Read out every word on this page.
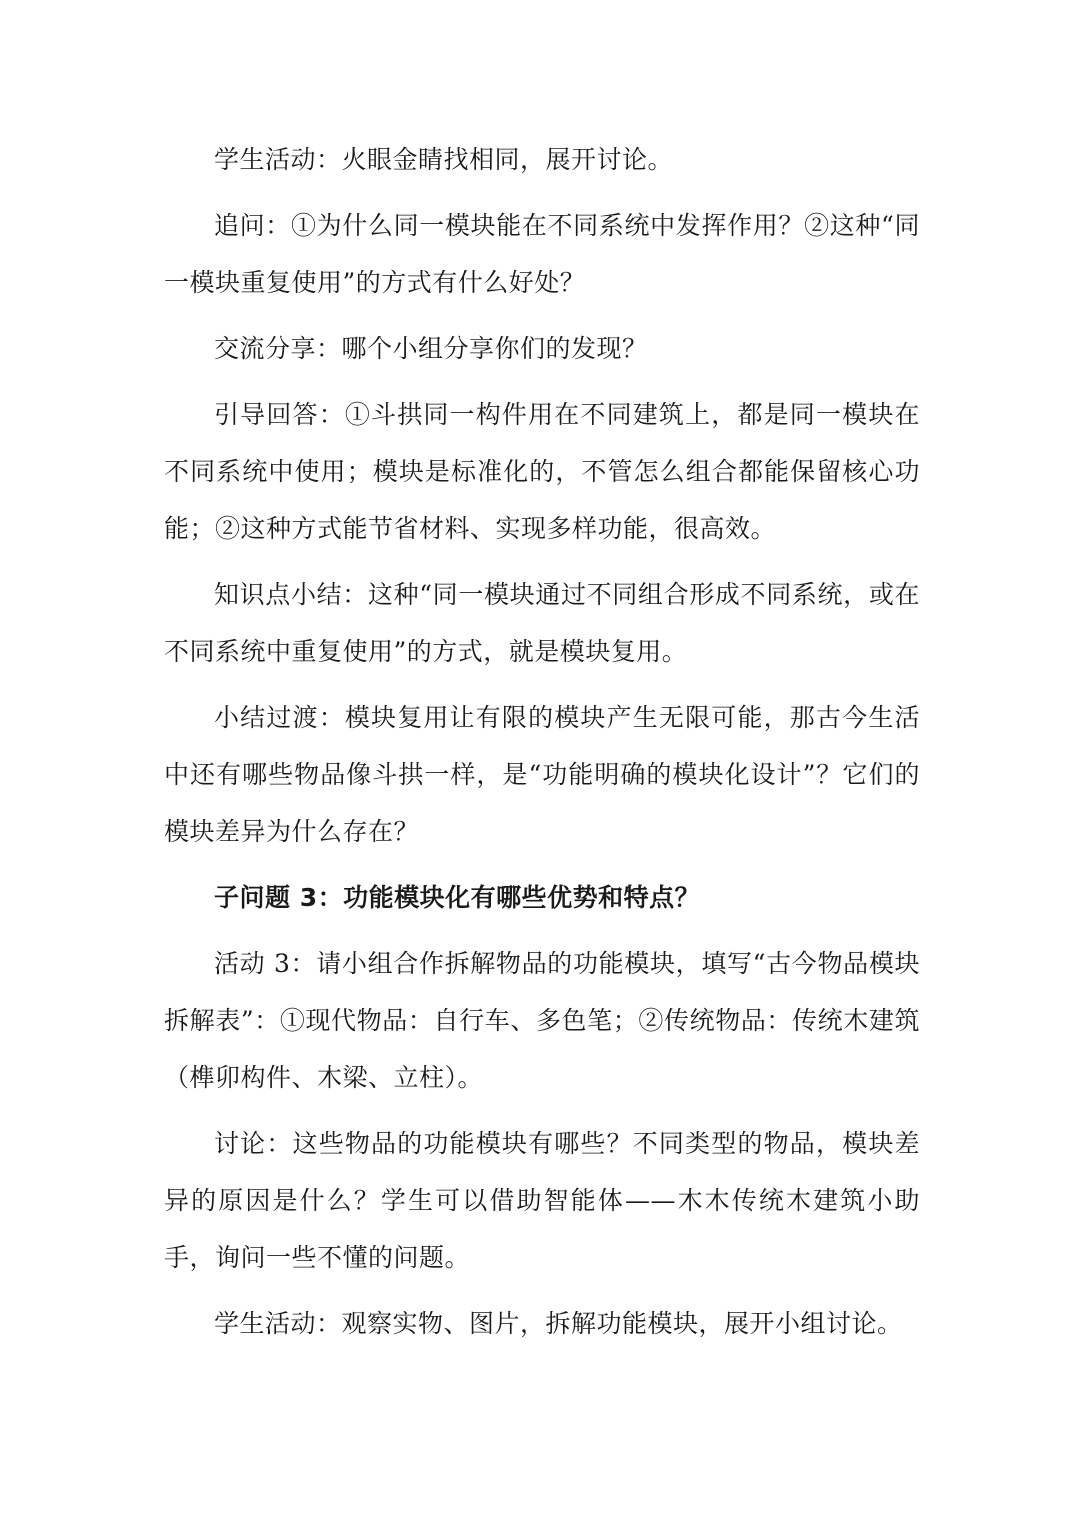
学生活动：火眼金睛找相同，展开讨论。

追问：①为什么同一模块能在不同系统中发挥作用？②这种“同一模块重复使用”的方式有什么好处？

交流分享：哪个小组分享你们的发现？

引导回答：①斗拱同一构件用在不同建筑上，都是同一模块在不同系统中使用；模块是标准化的，不管怎么组合都能保留核心功能；②这种方式能节省材料、实现多样功能，很高效。

知识点小结：这种“同一模块通过不同组合形成不同系统，或在不同系统中重复使用”的方式，就是模块复用。

小结过渡：模块复用让有限的模块产生无限可能，那古今生活中还有哪些物品像斗拱一样，是“功能明确的模块化设计”？它们的模块差异为什么存在？

子问题 3：功能模块化有哪些优势和特点？

活动 3：请小组合作拆解物品的功能模块，填写“古今物品模块拆解表”：①现代物品：自行车、多色笔；②传统物品：传统木建筑（榫卯构件、木梁、立柱）。

讨论：这些物品的功能模块有哪些？不同类型的物品，模块差异的原因是什么？学生可以借助智能体——木木传统木建筑小助手，询问一些不懂的问题。

学生活动：观察实物、图片，拆解功能模块，展开小组讨论。
